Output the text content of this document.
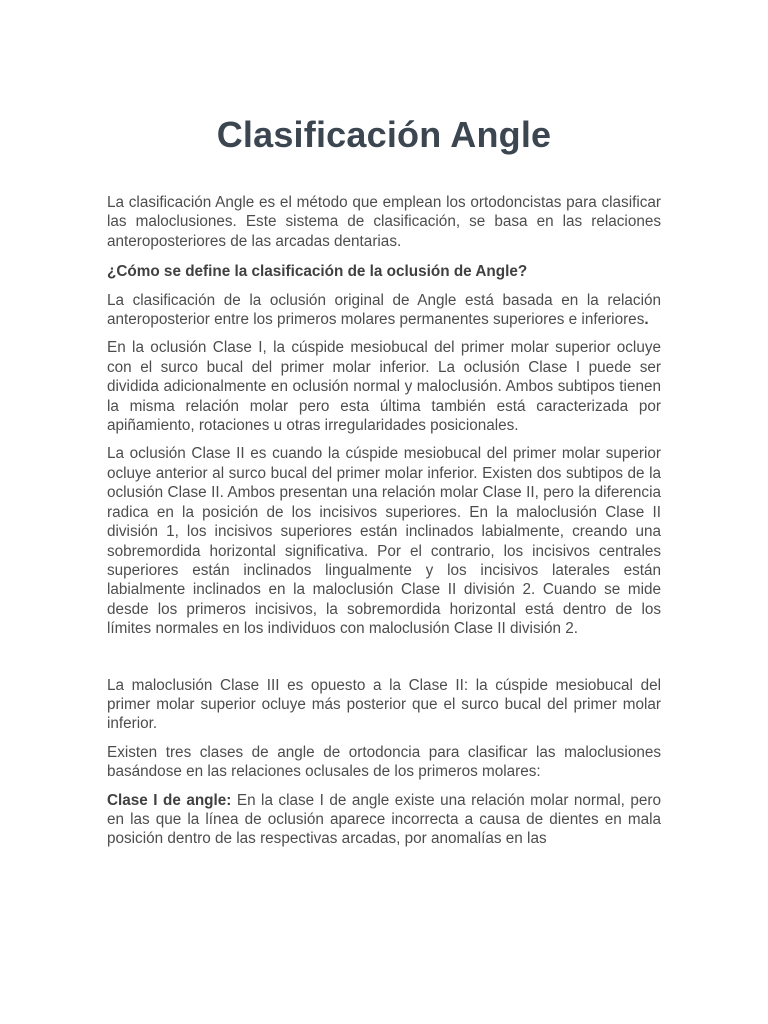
Clasificación Angle

La clasificación Angle es el método que emplean los ortodoncistas para clasificar las maloclusiones. Este sistema de clasificación, se basa en las relaciones anteroposteriores de las arcadas dentarias.

¿Cómo se define la clasificación de la oclusión de Angle?

La clasificación de la oclusión original de Angle está basada en la relación anteroposterior entre los primeros molares permanentes superiores e inferiores.

En la oclusión Clase I, la cúspide mesiobucal del primer molar superior ocluye con el surco bucal del primer molar inferior. La oclusión Clase I puede ser dividida adicionalmente en oclusión normal y maloclusión. Ambos subtipos tienen la misma relación molar pero esta última también está caracterizada por apiñamiento, rotaciones u otras irregularidades posicionales.

La oclusión Clase II es cuando la cúspide mesiobucal del primer molar superior ocluye anterior al surco bucal del primer molar inferior. Existen dos subtipos de la oclusión Clase II. Ambos presentan una relación molar Clase II, pero la diferencia radica en la posición de los incisivos superiores. En la maloclusión Clase II división 1, los incisivos superiores están inclinados labialmente, creando una sobremordida horizontal significativa. Por el contrario, los incisivos centrales superiores están inclinados lingualmente y los incisivos laterales están labialmente inclinados en la maloclusión Clase II división 2. Cuando se mide desde los primeros incisivos, la sobremordida horizontal está dentro de los límites normales en los individuos con maloclusión Clase II división 2.

La maloclusión Clase III es opuesto a la Clase II: la cúspide mesiobucal del primer molar superior ocluye más posterior que el surco bucal del primer molar inferior.

Existen tres clases de angle de ortodoncia para clasificar las maloclusiones basándose en las relaciones oclusales de los primeros molares:

Clase I de angle: En la clase I de angle existe una relación molar normal, pero en las que la línea de oclusión aparece incorrecta a causa de dientes en mala posición dentro de las respectivas arcadas, por anomalías en las
